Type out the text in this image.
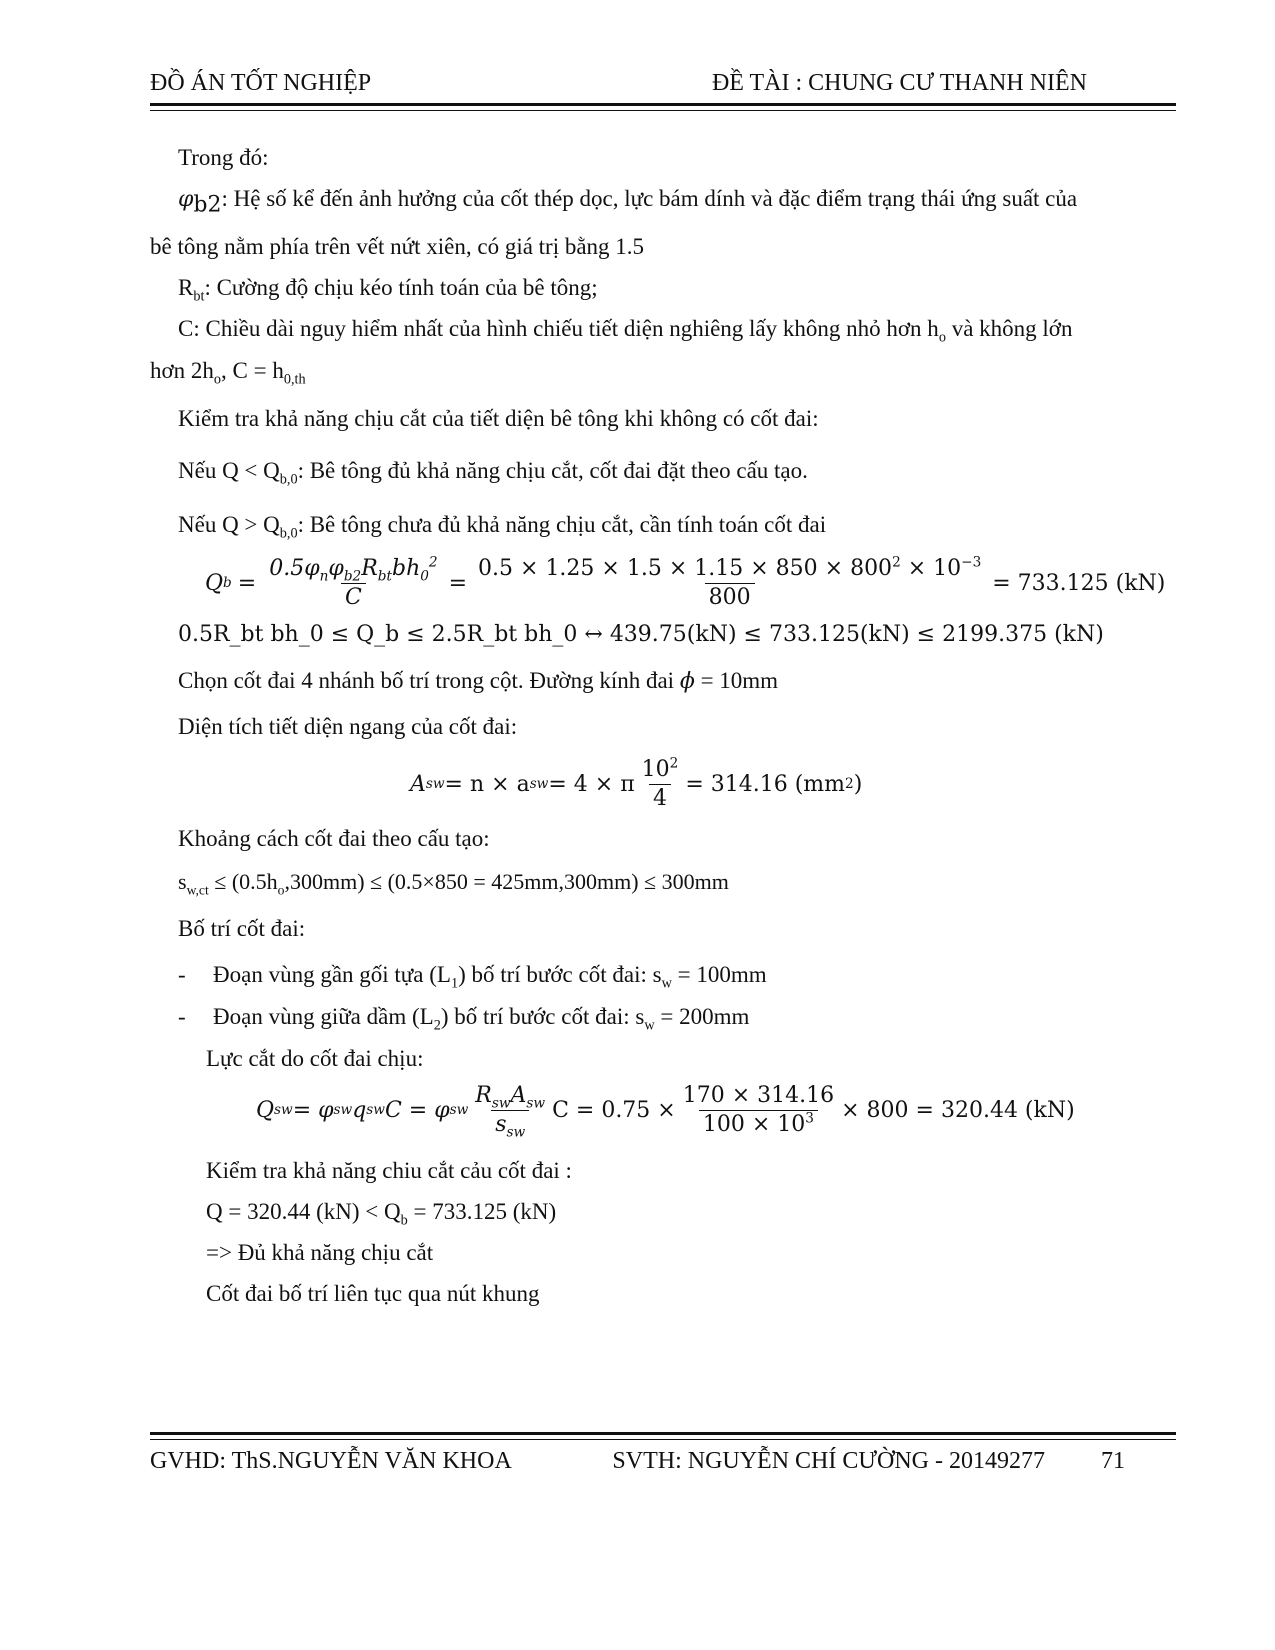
ĐỒ ÁN TỐT NGHIỆP	ĐỀ TÀI : CHUNG CƯ THANH NIÊN
Trong đó:
$\varphi_{b2}$: Hệ số kể đến ảnh hưởng của cốt thép dọc, lực bám dính và đặc điểm trạng thái ứng suất của
bê tông nằm phía trên vết nứt xiên, có giá trị bằng 1.5
$R_{bt}$: Cường độ chịu kéo tính toán của bê tông;
C: Chiều dài nguy hiểm nhất của hình chiếu tiết diện nghiêng lấy không nhỏ hơn $h_o$ và không lớn
hơn $2h_o$, $C = h_{0,th}$
Kiểm tra khả năng chịu cắt của tiết diện bê tông khi không có cốt đai:
Nếu $Q < Q_{b,0}$: Bê tông đủ khả năng chịu cắt, cốt đai đặt theo cấu tạo.
Nếu $Q > Q_{b,0}$: Bê tông chưa đủ khả năng chịu cắt, cần tính toán cốt đai
Q $b = \frac{0.5\varphi_n\varphi_{b2}R_{bt}bh_0^2}{C} = \frac{0.5 \times 1.25 \times 1.5 \times 1.15 \times 850 \times 800^2 \times 10^{-3}}{800} = 733.125$ (kN)
0.5R_bt bh_0 ≤ Q_b ≤ 2.5R_bt bh_0 ↔ 439.75(kN) ≤ 733.125(kN) ≤ 2199.375 (kN)
Chọn cốt đai 4 nhánh bố trí trong cột. Đường kính đai ϕ = 10mm
Diện tích tiết diện ngang của cốt đai:
A sw = n × a sw = 4 × π $\frac{10^2}{4} = 314.16$ (mm 2 )
Khoảng cách cốt đai theo cấu tạo:
$s_{w,ct} \le (0.5h_o,300mm) \le (0.5\times 850 = 425mm,300mm) \le 300mm$
Bố trí cốt đai:
- Đoạn vùng gần gối tựa $(L_1)$ bố trí bước cốt đai: $s_w = 100mm$
- Đoạn vùng giữa dầm $(L_2)$ bố trí bước cốt đai: $s_w = 200mm$
Lực cắt do cốt đai chịu:
Q sw = φ sw q sw C = φ sw $\frac{R_{sw}A_{sw}}{s_{sw}}$ $C = 0.75 \times \frac{170 \times 314.16}{100 \times 10^3} \times 800 = 320.44$ (kN)
Kiểm tra khả năng chiu cắt cảu cốt đai :
Q = 320.44 $(kN) < Q_b = 733.125$ (kN)
=> Đủ khả năng chịu cắt
Cốt đai bố trí liên tục qua nút khung
GVHD: ThS.NGUYỄN VĂN KHOA	SVTH: NGUYỄN CHÍ CƯỜNG - 20149277 71
